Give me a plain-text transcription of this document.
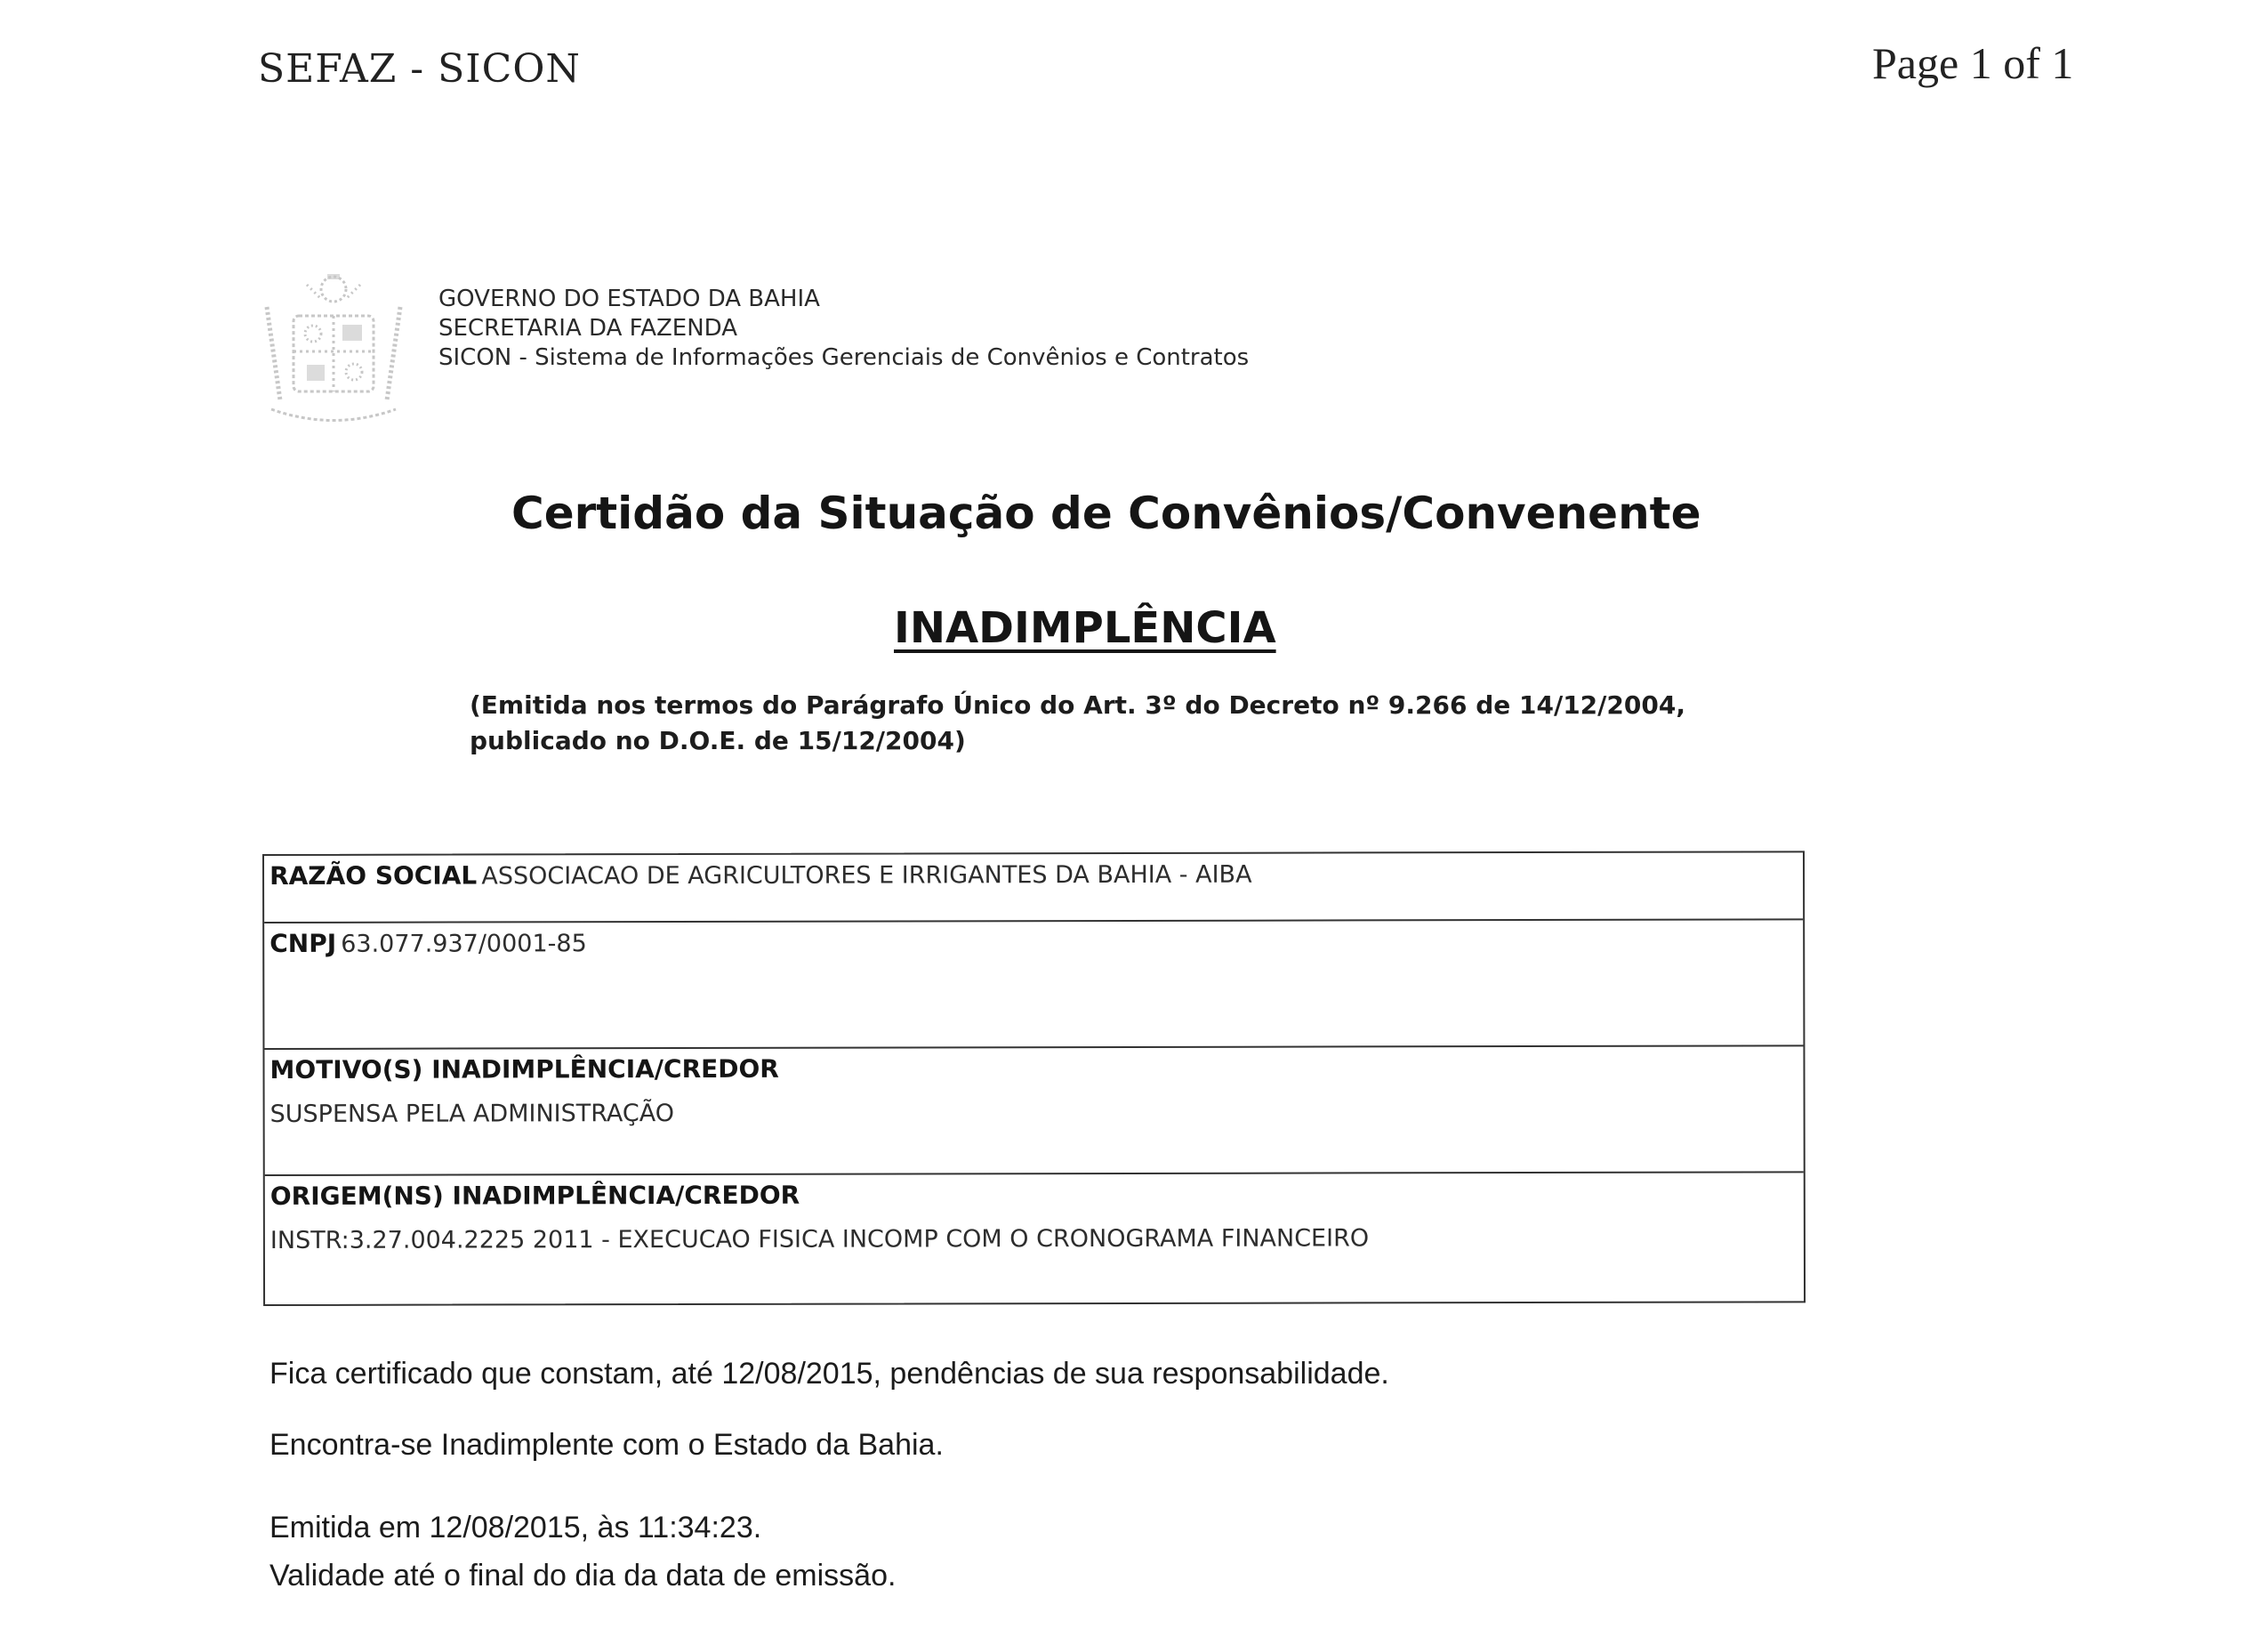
SEFAZ - SICON	Page 1 of 1
GOVERNO DO ESTADO DA BAHIA
SECRETARIA DA FAZENDA
SICON - Sistema de Informações Gerenciais de Convênios e Contratos
Certidão da Situação de Convênios/Convenente
INADIMPLÊNCIA
(Emitida nos termos do Parágrafo Único do Art. 3º do Decreto nº 9.266 de 14/12/2004,
publicado no D.O.E. de 15/12/2004)
RAZÃO SOCIAL ASSOCIACAO DE AGRICULTORES E IRRIGANTES DA BAHIA - AIBA
CNPJ 63.077.937/0001-85
MOTIVO(S) INADIMPLÊNCIA/CREDOR
SUSPENSA PELA ADMINISTRAÇÃO
ORIGEM(NS) INADIMPLÊNCIA/CREDOR
INSTR:3.27.004.2225 2011 - EXECUCAO FISICA INCOMP COM O CRONOGRAMA FINANCEIRO
Fica certificado que constam, até 12/08/2015, pendências de sua responsabilidade.
Encontra-se Inadimplente com o Estado da Bahia.
Emitida em 12/08/2015, às 11:34:23.
Validade até o final do dia da data de emissão.
